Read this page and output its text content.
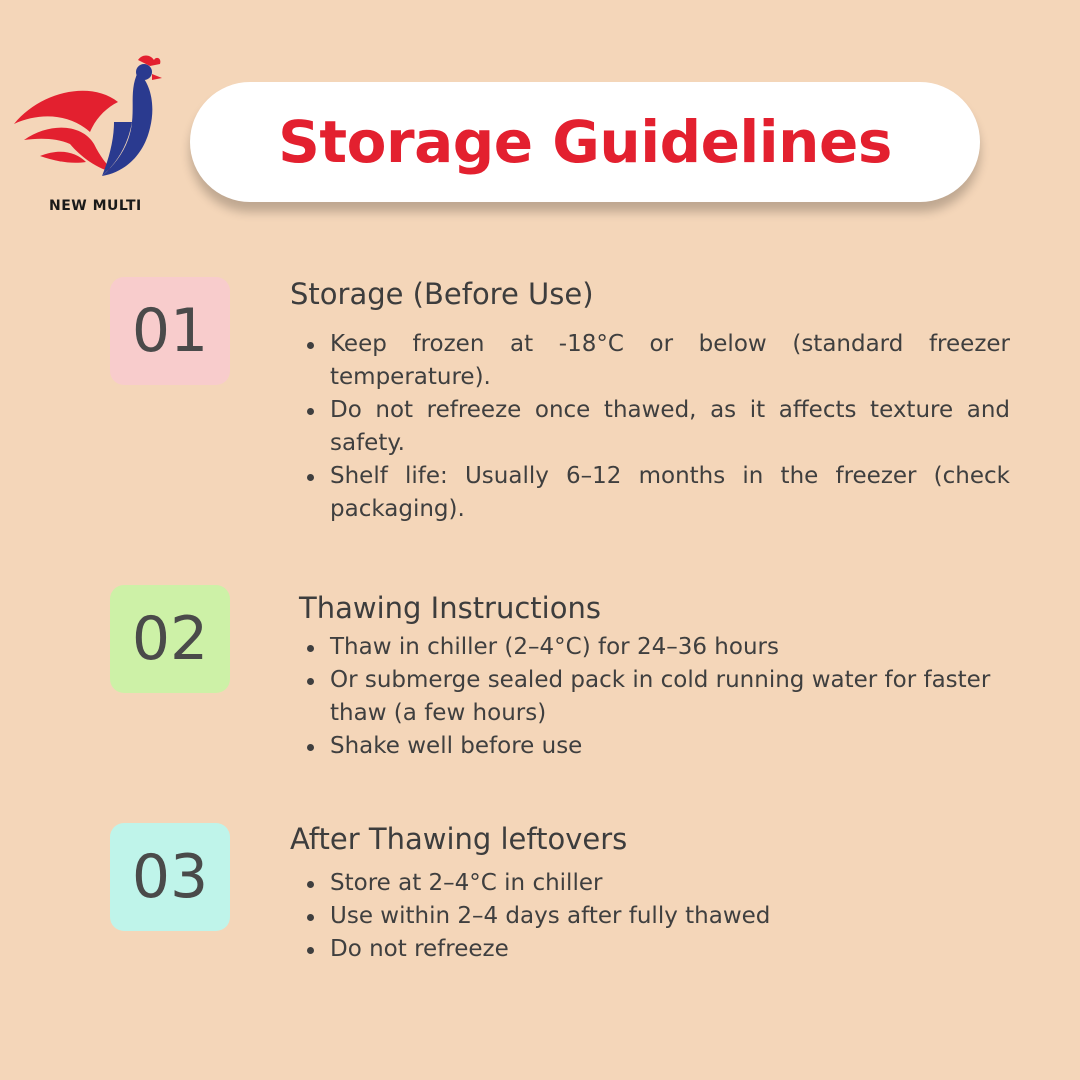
NEW MULTI
Storage Guidelines
01
Storage (Before Use)
Keep frozen at -18°C or below (standard freezer temperature).
Do not refreeze once thawed, as it affects texture and safety.
Shelf life: Usually 6–12 months in the freezer (check packaging).
02	Thawing Instructions
Thaw in chiller (2–4°C) for 24–36 hours
Or submerge sealed pack in cold running water for faster thaw (a few hours)
Shake well before use
03
After Thawing leftovers
Store at 2–4°C in chiller
Use within 2–4 days after fully thawed
Do not refreeze
